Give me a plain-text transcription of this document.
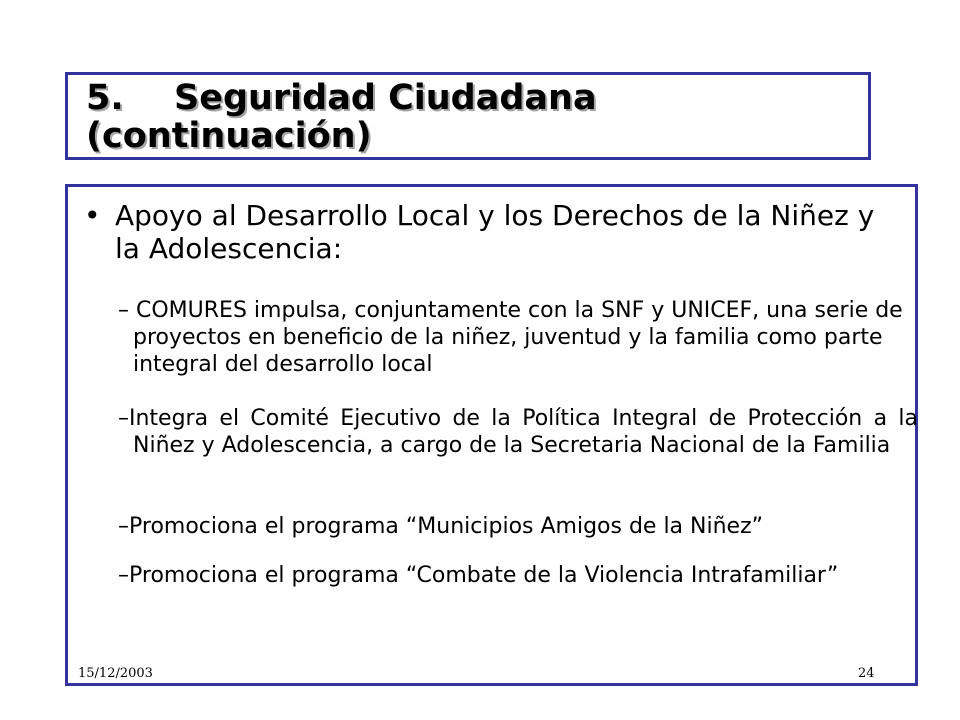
5. Seguridad Ciudadana
(continuación)
• Apoyo al Desarrollo Local y los Derechos de la Niñez y la Adolescencia:
– COMURES impulsa, conjuntamente con la SNF y UNICEF, una serie de proyectos en beneficio de la niñez, juventud y la familia como parte integral del desarrollo local
–Integra el Comité Ejecutivo de la Política Integral de Protección a la Niñez y Adolescencia, a cargo de la Secretaria Nacional de la Familia
–Promociona el programa “Municipios Amigos de la Niñez”
–Promociona el programa “Combate de la Violencia Intrafamiliar”
15/12/2003	24
